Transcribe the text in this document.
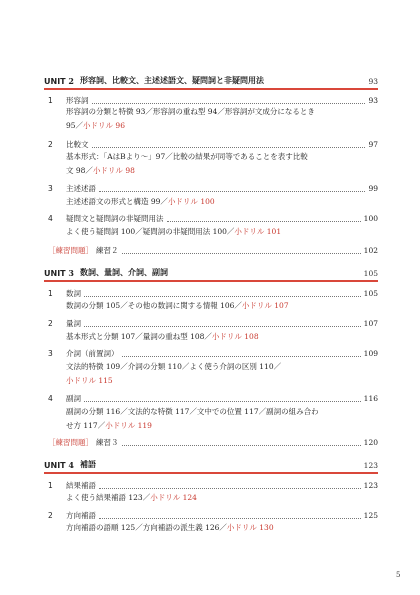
UNIT 2 形容詞、比較文、主述述語文、疑問詞と非疑問用法	93
1	形容詞	93
形容詞の分類と特徴 93／形容詞の重ね型 94／形容詞が文成分になるとき
95／小ドリル 96
2	比較文	97
基本形式：「AはBより～」97／比較の結果が同等であることを表す比較
文 98／小ドリル 98
3	主述述語	99
主述述語文の形式と構造 99／小ドリル 100
4	疑問文と疑問詞の非疑問用法	100
よく使う疑問詞 100／疑問詞の非疑問用法 100／小ドリル 101
［練習問題］ 練習２	102
UNIT 3 数詞、量詞、介詞、副詞	105
1	数詞	105
数詞の分類 105／その他の数詞に関する情報 106／小ドリル 107
2	量詞	107
基本形式と分類 107／量詞の重ね型 108／小ドリル 108
3	介詞（前置詞）	109
文法的特徴 109／介詞の分類 110／よく使う介詞の区別 110／
小ドリル 115
4	副詞	116
副詞の分類 116／文法的な特徴 117／文中での位置 117／副詞の組み合わ
せ方 117／小ドリル 119
［練習問題］ 練習３	120
UNIT 4 補語	123
1	結果補語	123
よく使う結果補語 123／小ドリル 124
2	方向補語	125
方向補語の語順 125／方向補語の派生義 126／小ドリル 130
5
